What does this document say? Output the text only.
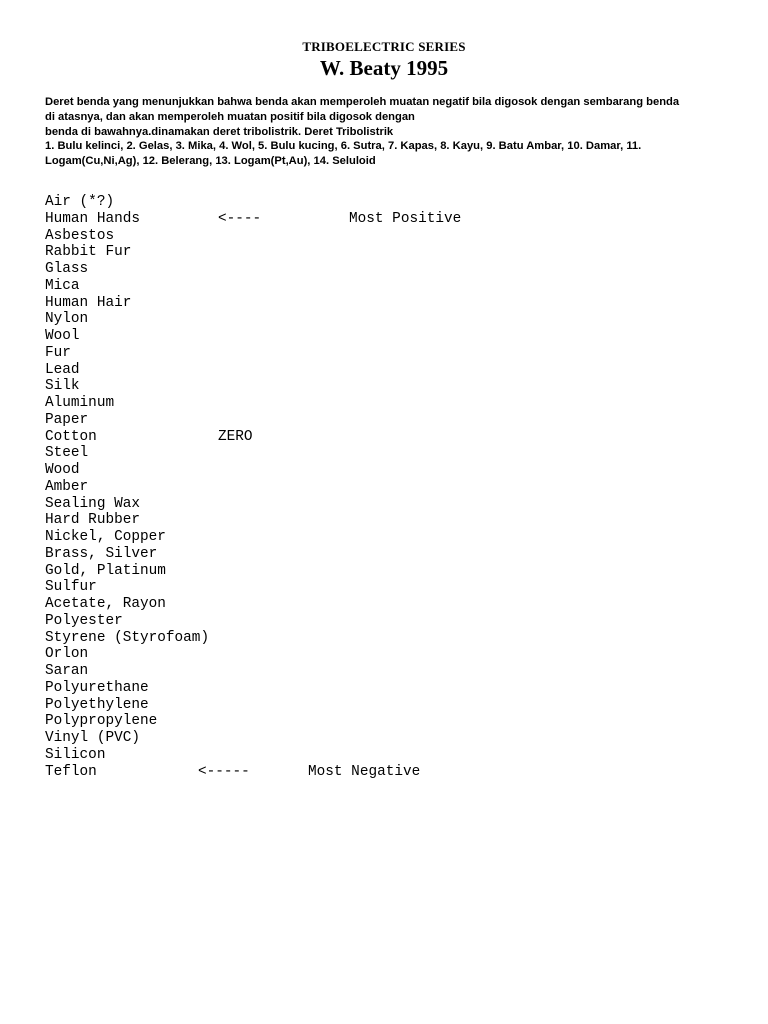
TRIBOELECTRIC SERIES
W. Beaty 1995

Deret benda yang menunjukkan bahwa benda akan memperoleh muatan negatif bila digosok dengan sembarang benda

di atasnya, dan akan memperoleh muatan positif bila digosok dengan

benda di bawahnya.dinamakan deret tribolistrik. Deret Tribolistrik

1. Bulu kelinci, 2. Gelas, 3. Mika, 4. Wol, 5. Bulu kucing, 6. Sutra, 7. Kapas, 8. Kayu, 9. Batu Ambar, 10. Damar, 11.

Logam(Cu,Ni,Ag), 12. Belerang, 13. Logam(Pt,Au), 14. Seluloid

Air (*?)
Human Hands	<----	Most Positive
Asbestos
Rabbit Fur
Glass
Mica
Human Hair
Nylon
Wool
Fur
Lead
Silk
Aluminum
Paper
Cotton	ZERO
Steel
Wood
Amber
Sealing Wax
Hard Rubber
Nickel, Copper
Brass, Silver
Gold, Platinum
Sulfur
Acetate, Rayon
Polyester
Styrene (Styrofoam)
Orlon
Saran
Polyurethane
Polyethylene
Polypropylene
Vinyl (PVC)
Silicon
Teflon	<-----	Most Negative
